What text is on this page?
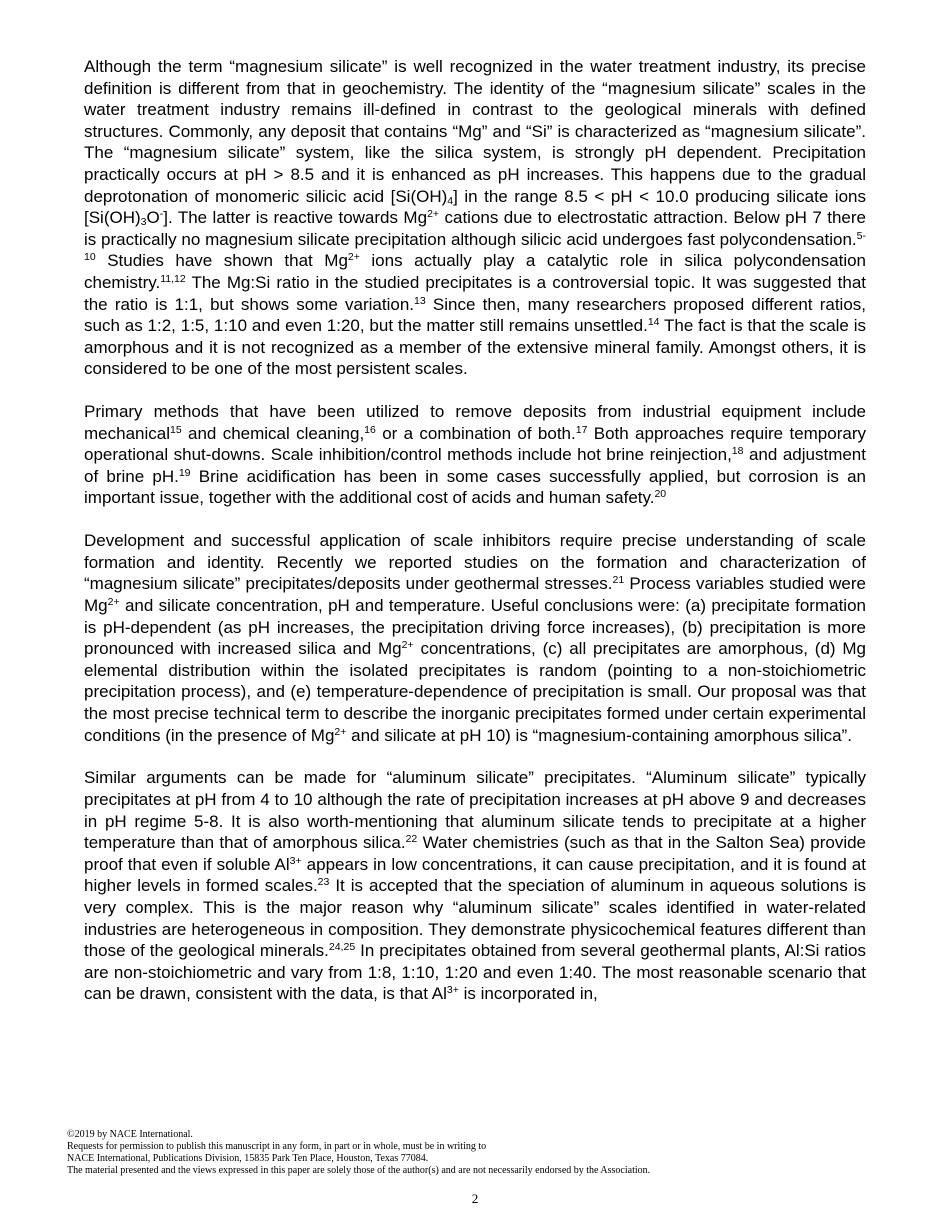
Although the term “magnesium silicate” is well recognized in the water treatment industry, its precise definition is different from that in geochemistry. The identity of the “magnesium silicate” scales in the water treatment industry remains ill-defined in contrast to the geological minerals with defined structures. Commonly, any deposit that contains “Mg” and “Si” is characterized as “magnesium silicate”. The “magnesium silicate” system, like the silica system, is strongly pH dependent. Precipitation practically occurs at pH > 8.5 and it is enhanced as pH increases. This happens due to the gradual deprotonation of monomeric silicic acid $[Si(OH)_4]$ in the range 8.5 < pH < 10.0 producing silicate ions $[Si(OH)_3O^-]$. The latter is reactive towards $Mg^{2+}$ cations due to electrostatic attraction. Below pH 7 there is practically no magnesium silicate precipitation although silicic acid undergoes fast polycondensation.$^{5-10}$ Studies have shown that $Mg^{2+}$ ions actually play a catalytic role in silica polycondensation chemistry.$^{11,12}$ The Mg:Si ratio in the studied precipitates is a controversial topic. It was suggested that the ratio is 1:1, but shows some variation.$^{13}$ Since then, many researchers proposed different ratios, such as 1:2, 1:5, 1:10 and even 1:20, but the matter still remains unsettled.$^{14}$ The fact is that the scale is amorphous and it is not recognized as a member of the extensive mineral family. Amongst others, it is considered to be one of the most persistent scales.

Primary methods that have been utilized to remove deposits from industrial equipment include mechanical$^{15}$ and chemical cleaning,$^{16}$ or a combination of both.$^{17}$ Both approaches require temporary operational shut-downs. Scale inhibition/control methods include hot brine reinjection,$^{18}$ and adjustment of brine pH.$^{19}$ Brine acidification has been in some cases successfully applied, but corrosion is an important issue, together with the additional cost of acids and human safety.$^{20}$

Development and successful application of scale inhibitors require precise understanding of scale formation and identity. Recently we reported studies on the formation and characterization of “magnesium silicate” precipitates/deposits under geothermal stresses.$^{21}$ Process variables studied were $Mg^{2+}$ and silicate concentration, pH and temperature. Useful conclusions were: (a) precipitate formation is pH-dependent (as pH increases, the precipitation driving force increases), (b) precipitation is more pronounced with increased silica and $Mg^{2+}$ concentrations, (c) all precipitates are amorphous, (d) Mg elemental distribution within the isolated precipitates is random (pointing to a non-stoichiometric precipitation process), and (e) temperature-dependence of precipitation is small. Our proposal was that the most precise technical term to describe the inorganic precipitates formed under certain experimental conditions (in the presence of $Mg^{2+}$ and silicate at pH 10) is “magnesium-containing amorphous silica”.

Similar arguments can be made for “aluminum silicate” precipitates. “Aluminum silicate” typically precipitates at pH from 4 to 10 although the rate of precipitation increases at pH above 9 and decreases in pH regime 5-8. It is also worth-mentioning that aluminum silicate tends to precipitate at a higher temperature than that of amorphous silica.$^{22}$ Water chemistries (such as that in the Salton Sea) provide proof that even if soluble $Al^{3+}$ appears in low concentrations, it can cause precipitation, and it is found at higher levels in formed scales.$^{23}$ It is accepted that the speciation of aluminum in aqueous solutions is very complex. This is the major reason why “aluminum silicate” scales identified in water-related industries are heterogeneous in composition. They demonstrate physicochemical features different than those of the geological minerals.$^{24,25}$ In precipitates obtained from several geothermal plants, Al:Si ratios are non-stoichiometric and vary from 1:8, 1:10, 1:20 and even 1:40. The most reasonable scenario that can be drawn, consistent with the data, is that $Al^{3+}$ is incorporated in,

©2019 by NACE International.
Requests for permission to publish this manuscript in any form, in part or in whole, must be in writing to
NACE International, Publications Division, 15835 Park Ten Place, Houston, Texas 77084.
The material presented and the views expressed in this paper are solely those of the author(s) and are not necessarily endorsed by the Association.
2
